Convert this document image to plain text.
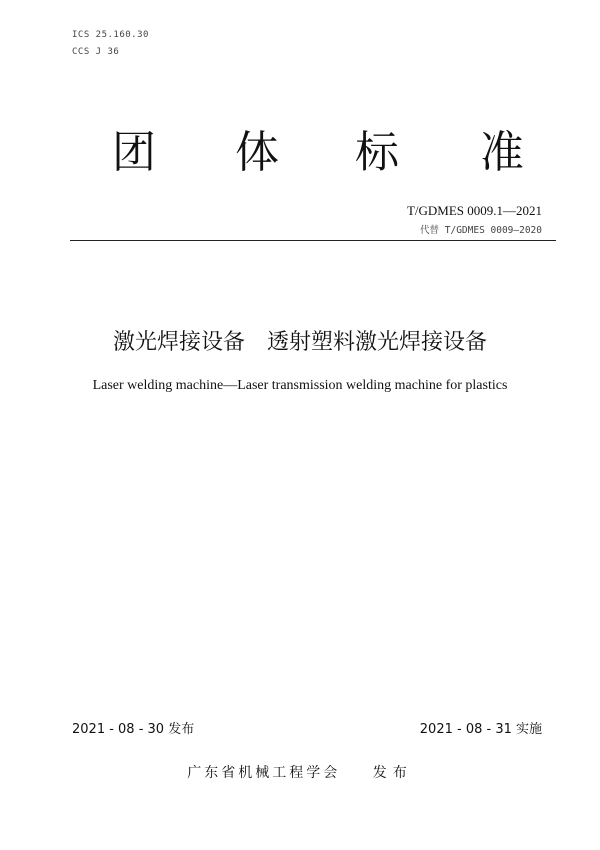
ICS 25.160.30
CCS J 36
团 体 标 准
T/GDMES 0009.1—2021
代替 T/GDMES 0009—2020
激光焊接设备　透射塑料激光焊接设备
Laser welding machine—Laser transmission welding machine for plastics
2021 - 08 - 30 发布	2021 - 08 - 31 实施
广东省机械工程学会 发布
